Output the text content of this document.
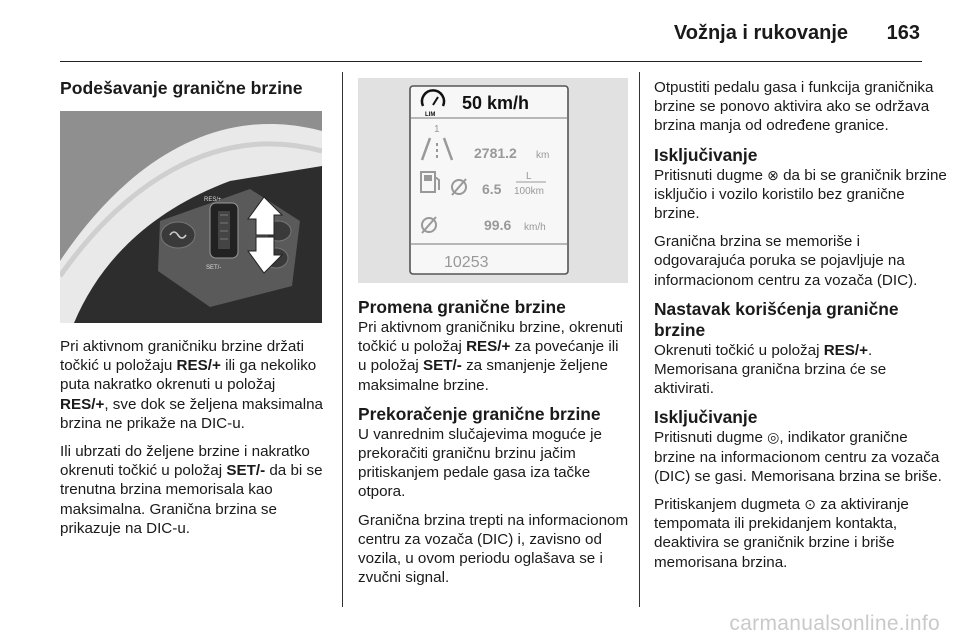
Vožnja i rukovanje 163
Podešavanje granične brzine
RES/+
SET/-

Pri aktivnom graničniku brzine držati točkić u položaju RES/+ ili ga nekoliko puta nakratko okrenuti u položaj RES/+, sve dok se željena maksimalna brzina ne prikaže na DIC-u.

Ili ubrzati do željene brzine i nakratko okrenuti točkić u položaj SET/- da bi se trenutna brzina memorisala kao maksimalna. Granična brzina se prikazuje na DIC-u.

LIM
50 km/h
1
2781.2 km
6.5
L
100km
99.6 km/h
10253
Promena granične brzine

Pri aktivnom graničniku brzine, okrenuti točkić u položaj RES/+ za povećanje ili u položaj SET/- za smanjenje željene maksimalne brzine.

Prekoračenje granične brzine

U vanrednim slučajevima moguće je prekoračiti graničnu brzinu jačim pritiskanjem pedale gasa iza tačke otpora.

Granična brzina trepti na informacionom centru za vozača (DIC) i, zavisno od vozila, u ovom periodu oglašava se i zvučni signal.

Otpustiti pedalu gasa i funkcija graničnika brzine se ponovo aktivira ako se održava brzina manja od određene granice.

Isključivanje

Pritisnuti dugme ⊗ da bi se graničnik brzine isključio i vozilo koristilo bez granične brzine.

Granična brzina se memoriše i odgovarajuća poruka se pojavljuje na informacionom centru za vozača (DIC).

Nastavak korišćenja granične brzine

Okrenuti točkić u položaj RES/+. Memorisana granična brzina će se aktivirati.

Isključivanje

Pritisnuti dugme ◎, indikator granične brzine na informacionom centru za vozača (DIC) se gasi. Memorisana brzina se briše.

Pritiskanjem dugmeta ⊙ za aktiviranje tempomata ili prekidanjem kontakta, deaktivira se graničnik brzine i briše memorisana brzina.

carmanualsonline.info
